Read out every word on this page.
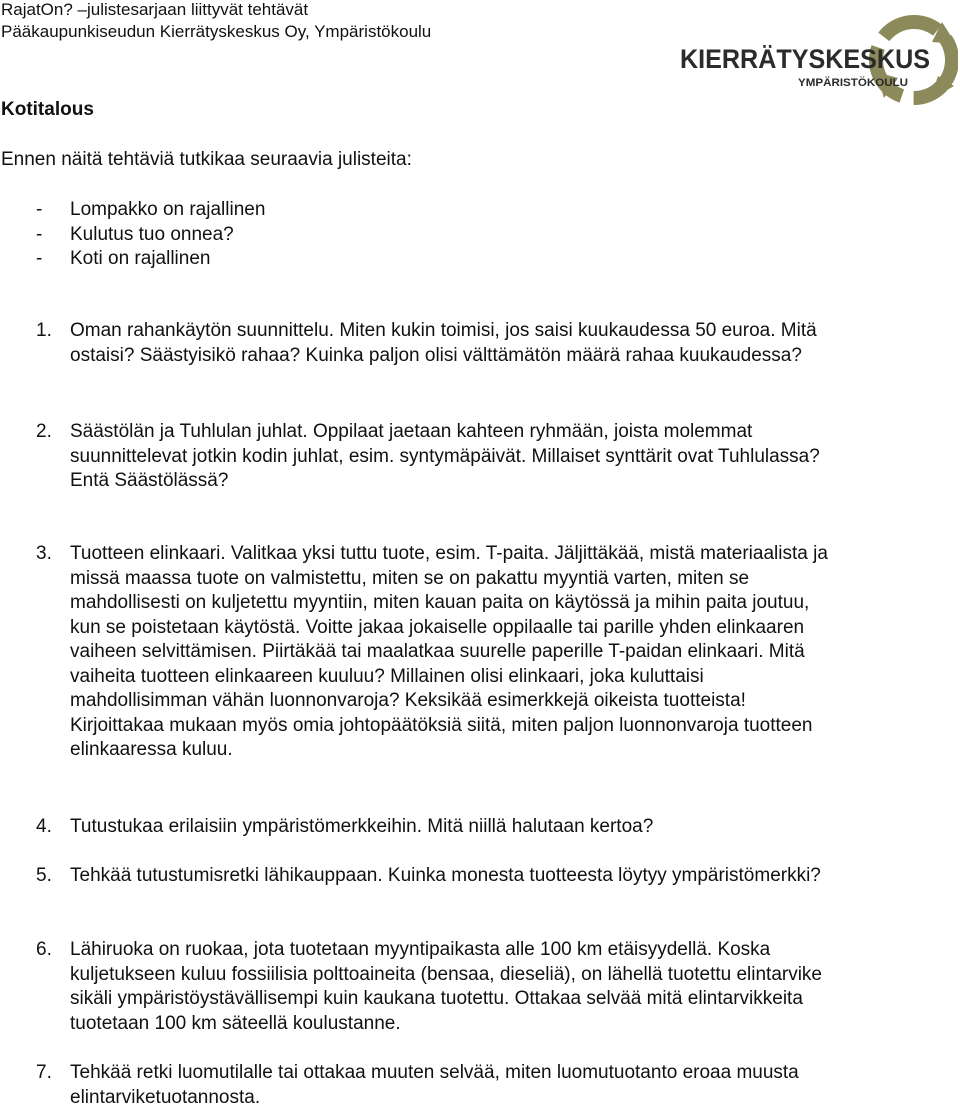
RajatOn? –julistesarjaan liittyvät tehtävät
Pääkaupunkiseudun Kierrätyskeskus Oy, Ympäristökoulu
KIERRÄTYSKESKUS
YMPÄRISTÖKOULU
Kotitalous
Ennen näitä tehtäviä tutkikaa seuraavia julisteita:
- Lompakko on rajallinen
- Kulutus tuo onnea?
- Koti on rajallinen
1. Oman rahankäytön suunnittelu. Miten kukin toimisi, jos saisi kuukaudessa 50 euroa. Mitä ostaisi? Säästyisikö rahaa? Kuinka paljon olisi välttämätön määrä rahaa kuukaudessa?
2. Säästölän ja Tuhlulan juhlat. Oppilaat jaetaan kahteen ryhmään, joista molemmat suunnittelevat jotkin kodin juhlat, esim. syntymäpäivät. Millaiset synttärit ovat Tuhlulassa? Entä Säästölässä?
3. Tuotteen elinkaari. Valitkaa yksi tuttu tuote, esim. T-paita. Jäljittäkää, mistä materiaalista ja missä maassa tuote on valmistettu, miten se on pakattu myyntiä varten, miten se mahdollisesti on kuljetettu myyntiin, miten kauan paita on käytössä ja mihin paita joutuu, kun se poistetaan käytöstä. Voitte jakaa jokaiselle oppilaalle tai parille yhden elinkaaren vaiheen selvittämisen. Piirtäkää tai maalatkaa suurelle paperille T-paidan elinkaari. Mitä vaiheita tuotteen elinkaareen kuuluu? Millainen olisi elinkaari, joka kuluttaisi mahdollisimman vähän luonnonvaroja? Keksikää esimerkkejä oikeista tuotteista! Kirjoittakaa mukaan myös omia johtopäätöksiä siitä, miten paljon luonnonvaroja tuotteen elinkaaressa kuluu.
4. Tutustukaa erilaisiin ympäristömerkkeihin. Mitä niillä halutaan kertoa?
5. Tehkää tutustumisretki lähikauppaan. Kuinka monesta tuotteesta löytyy ympäristömerkki?
6. Lähiruoka on ruokaa, jota tuotetaan myyntipaikasta alle 100 km etäisyydellä. Koska kuljetukseen kuluu fossiilisia polttoaineita (bensaa, dieseliä), on lähellä tuotettu elintarvike sikäli ympäristöystävällisempi kuin kaukana tuotettu. Ottakaa selvää mitä elintarvikkeita tuotetaan 100 km säteellä koulustanne.
7. Tehkää retki luomutilalle tai ottakaa muuten selvää, miten luomutuotanto eroaa muusta elintarviketuotannosta.
